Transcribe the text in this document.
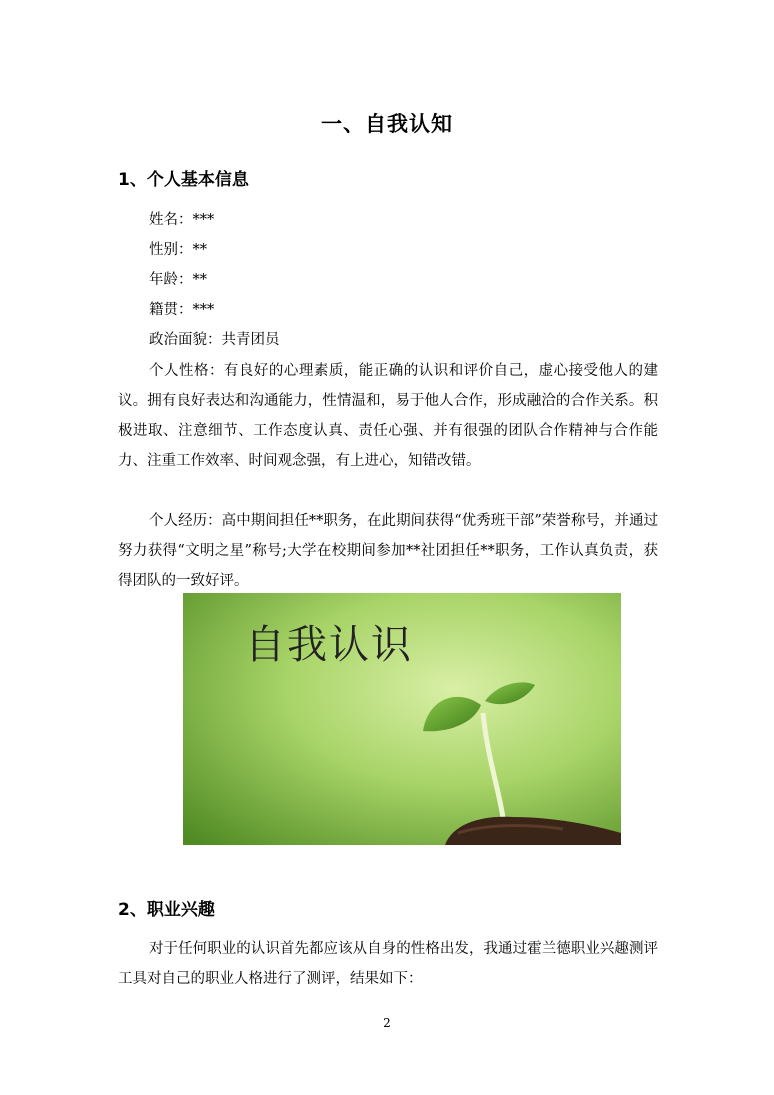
一、自我认知
1、个人基本信息
姓名：***
性别：**
年龄：**
籍贯：***
政治面貌：共青团员

个人性格：有良好的心理素质，能正确的认识和评价自己，虚心接受他人的建议。拥有良好表达和沟通能力，性情温和，易于他人合作，形成融洽的合作关系。积极进取、注意细节、工作态度认真、责任心强、并有很强的团队合作精神与合作能力、注重工作效率、时间观念强，有上进心，知错改错。

个人经历：高中期间担任**职务，在此期间获得“优秀班干部”荣誉称号，并通过努力获得“文明之星”称号;大学在校期间参加**社团担任**职务，工作认真负责，获得团队的一致好评。

自我认识
2、职业兴趣

对于任何职业的认识首先都应该从自身的性格出发，我通过霍兰德职业兴趣测评工具对自己的职业人格进行了测评，结果如下：

2
